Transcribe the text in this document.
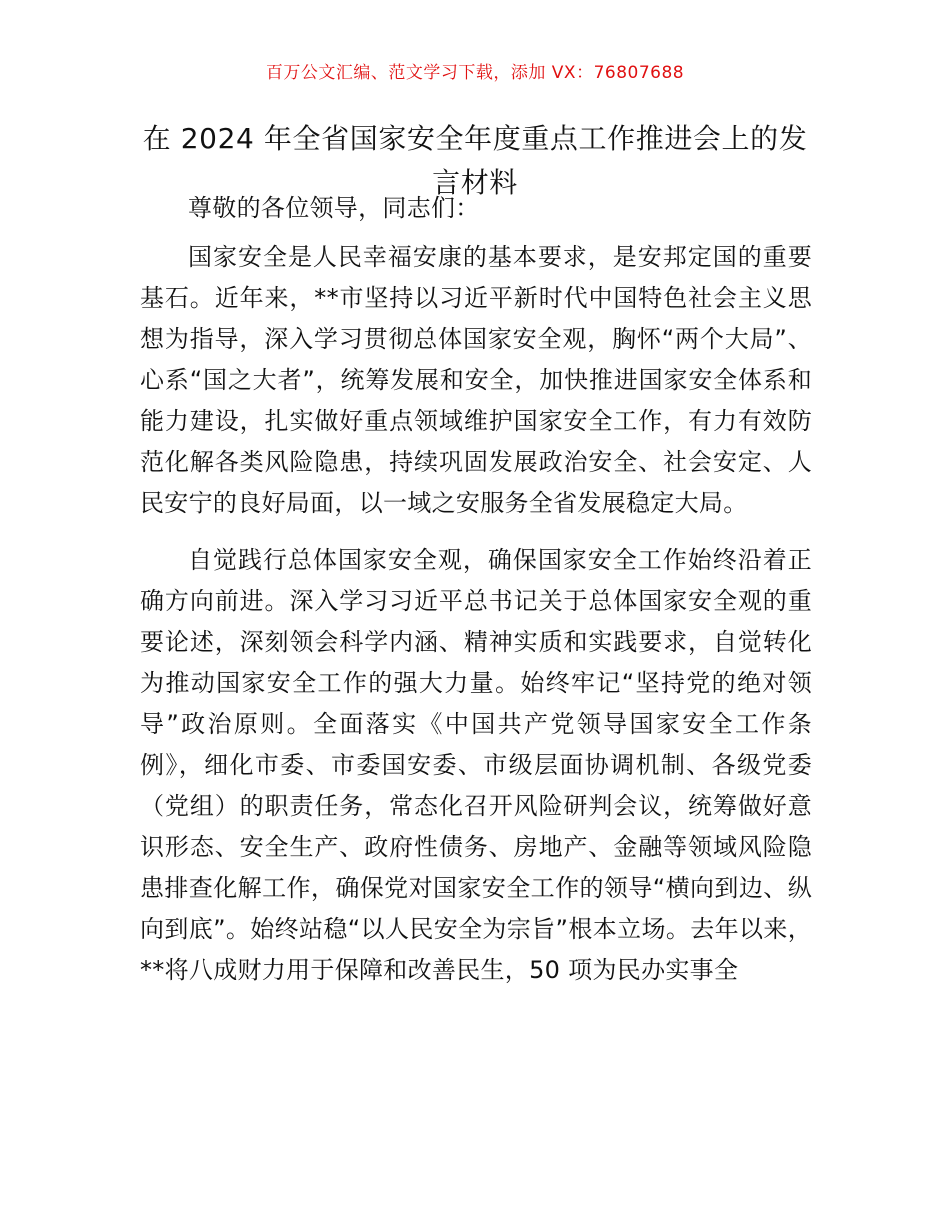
百万公文汇编、范文学习下载，添加 VX：76807688
在 2024 年全省国家安全年度重点工作推进会上的发言材料

尊敬的各位领导，同志们：

国家安全是人民幸福安康的基本要求，是安邦定国的重要基石。近年来，**市坚持以习近平新时代中国特色社会主义思想为指导，深入学习贯彻总体国家安全观，胸怀“两个大局”、心系“国之大者”，统筹发展和安全，加快推进国家安全体系和能力建设，扎实做好重点领域维护国家安全工作，有力有效防范化解各类风险隐患，持续巩固发展政治安全、社会安定、人民安宁的良好局面，以一域之安服务全省发展稳定大局。

自觉践行总体国家安全观，确保国家安全工作始终沿着正确方向前进。深入学习习近平总书记关于总体国家安全观的重要论述，深刻领会科学内涵、精神实质和实践要求，自觉转化为推动国家安全工作的强大力量。始终牢记“坚持党的绝对领导”政治原则。全面落实《中国共产党领导国家安全工作条例》，细化市委、市委国安委、市级层面协调机制、各级党委（党组）的职责任务，常态化召开风险研判会议，统筹做好意识形态、安全生产、政府性债务、房地产、金融等领域风险隐患排查化解工作，确保党对国家安全工作的领导“横向到边、纵向到底”。始终站稳“以人民安全为宗旨”根本立场。去年以来，**将八成财力用于保障和改善民生，50 项为民办实事全
